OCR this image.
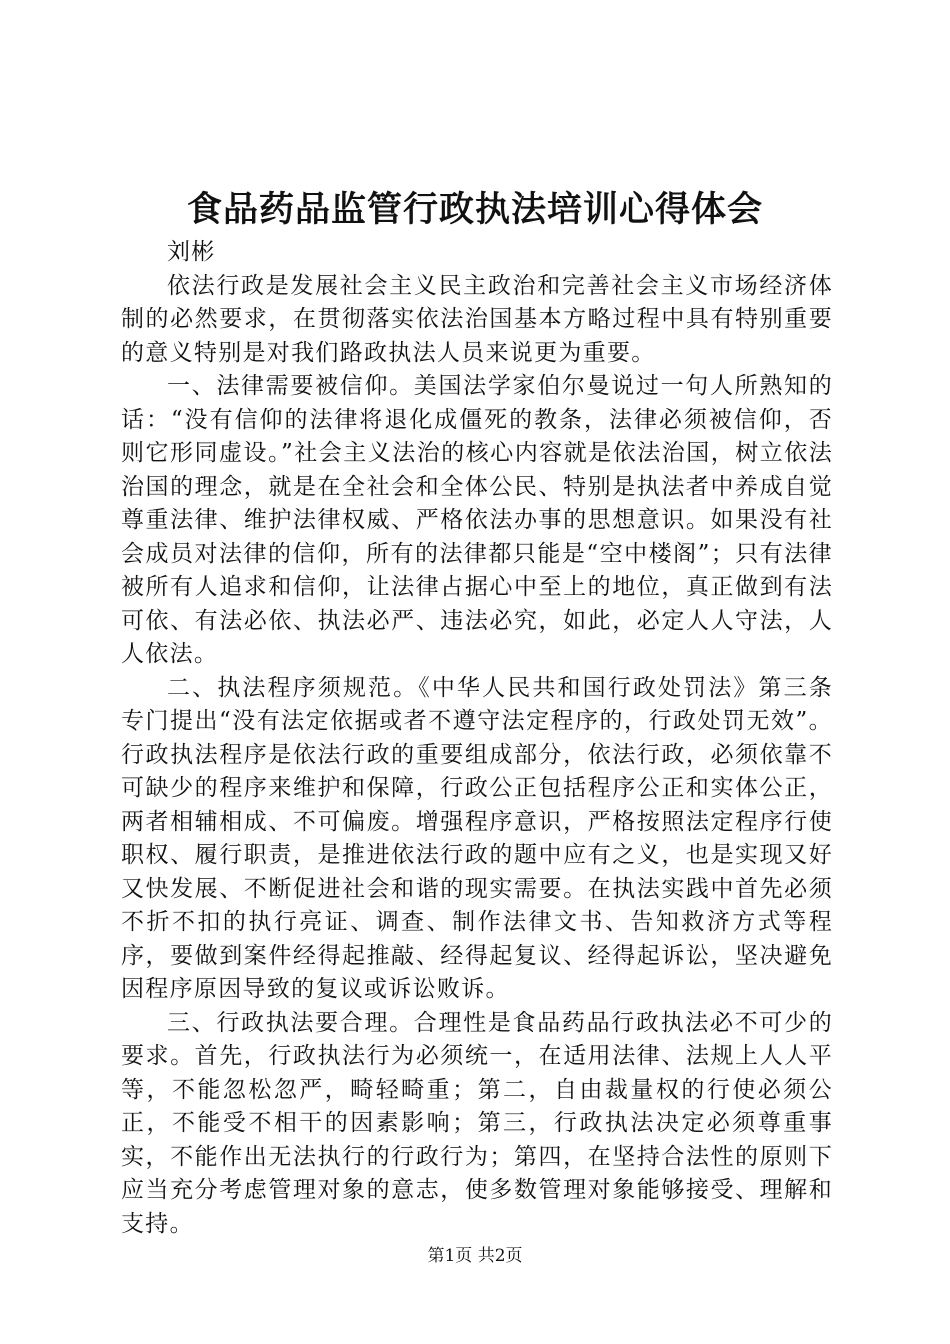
食品药品监管行政执法培训心得体会
刘彬

依法行政是发展社会主义民主政治和完善社会主义市场经济体制的必然要求，在贯彻落实依法治国基本方略过程中具有特别重要的意义特别是对我们路政执法人员来说更为重要。

一、法律需要被信仰。美国法学家伯尔曼说过一句人所熟知的话：“没有信仰的法律将退化成僵死的教条，法律必须被信仰，否则它形同虚设。”社会主义法治的核心内容就是依法治国，树立依法治国的理念，就是在全社会和全体公民、特别是执法者中养成自觉尊重法律、维护法律权威、严格依法办事的思想意识。如果没有社会成员对法律的信仰，所有的法律都只能是“空中楼阁”；只有法律被所有人追求和信仰，让法律占据心中至上的地位，真正做到有法可依、有法必依、执法必严、违法必究，如此，必定人人守法，人人依法。

二、执法程序须规范。《中华人民共和国行政处罚法》第三条专门提出“没有法定依据或者不遵守法定程序的，行政处罚无效”。行政执法程序是依法行政的重要组成部分，依法行政，必须依靠不可缺少的程序来维护和保障，行政公正包括程序公正和实体公正，两者相辅相成、不可偏废。增强程序意识，严格按照法定程序行使职权、履行职责，是推进依法行政的题中应有之义，也是实现又好又快发展、不断促进社会和谐的现实需要。在执法实践中首先必须不折不扣的执行亮证、调查、制作法律文书、告知救济方式等程序，要做到案件经得起推敲、经得起复议、经得起诉讼，坚决避免因程序原因导致的复议或诉讼败诉。

三、行政执法要合理。合理性是食品药品行政执法必不可少的要求。首先，行政执法行为必须统一，在适用法律、法规上人人平等，不能忽松忽严，畸轻畸重；第二，自由裁量权的行使必须公正，不能受不相干的因素影响；第三，行政执法决定必须尊重事实，不能作出无法执行的行政行为；第四，在坚持合法性的原则下应当充分考虑管理对象的意志，使多数管理对象能够接受、理解和支持。

第1页 共2页
